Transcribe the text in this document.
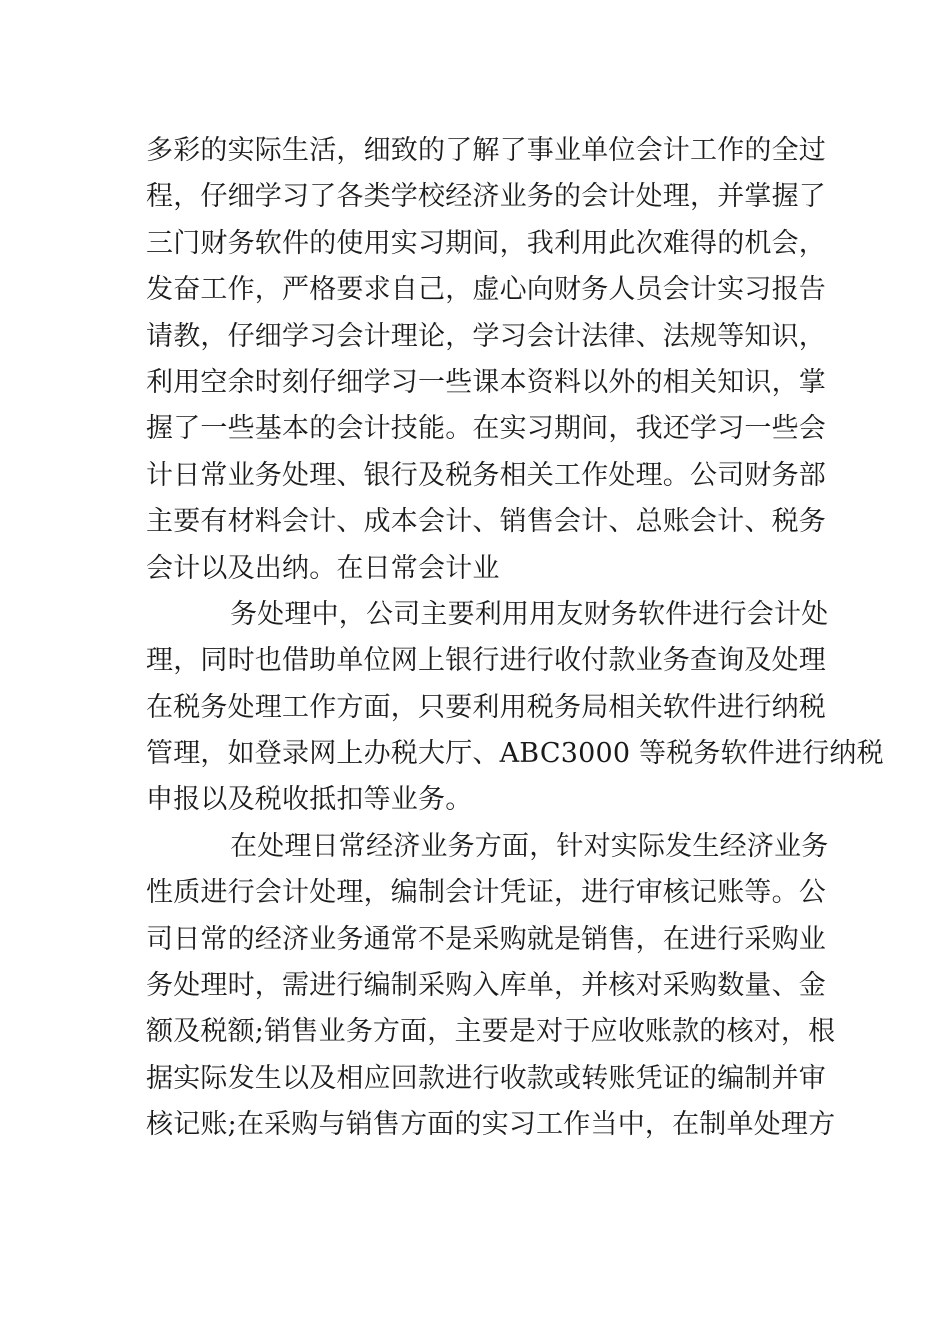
多彩的实际生活，细致的了解了事业单位会计工作的全过
程，仔细学习了各类学校经济业务的会计处理，并掌握了
三门财务软件的使用实习期间，我利用此次难得的机会，
发奋工作，严格要求自己，虚心向财务人员会计实习报告
请教，仔细学习会计理论，学习会计法律、法规等知识，
利用空余时刻仔细学习一些课本资料以外的相关知识，掌
握了一些基本的会计技能。在实习期间，我还学习一些会
计日常业务处理、银行及税务相关工作处理。公司财务部
主要有材料会计、成本会计、销售会计、总账会计、税务
会计以及出纳。在日常会计业
务处理中，公司主要利用用友财务软件进行会计处
理，同时也借助单位网上银行进行收付款业务查询及处理
在税务处理工作方面，只要利用税务局相关软件进行纳税
管理，如登录网上办税大厅、ABC3000 等税务软件进行纳税
申报以及税收抵扣等业务。
在处理日常经济业务方面，针对实际发生经济业务
性质进行会计处理，编制会计凭证，进行审核记账等。公
司日常的经济业务通常不是采购就是销售，在进行采购业
务处理时，需进行编制采购入库单，并核对采购数量、金
额及税额;销售业务方面，主要是对于应收账款的核对，根
据实际发生以及相应回款进行收款或转账凭证的编制并审
核记账;在采购与销售方面的实习工作当中，在制单处理方
